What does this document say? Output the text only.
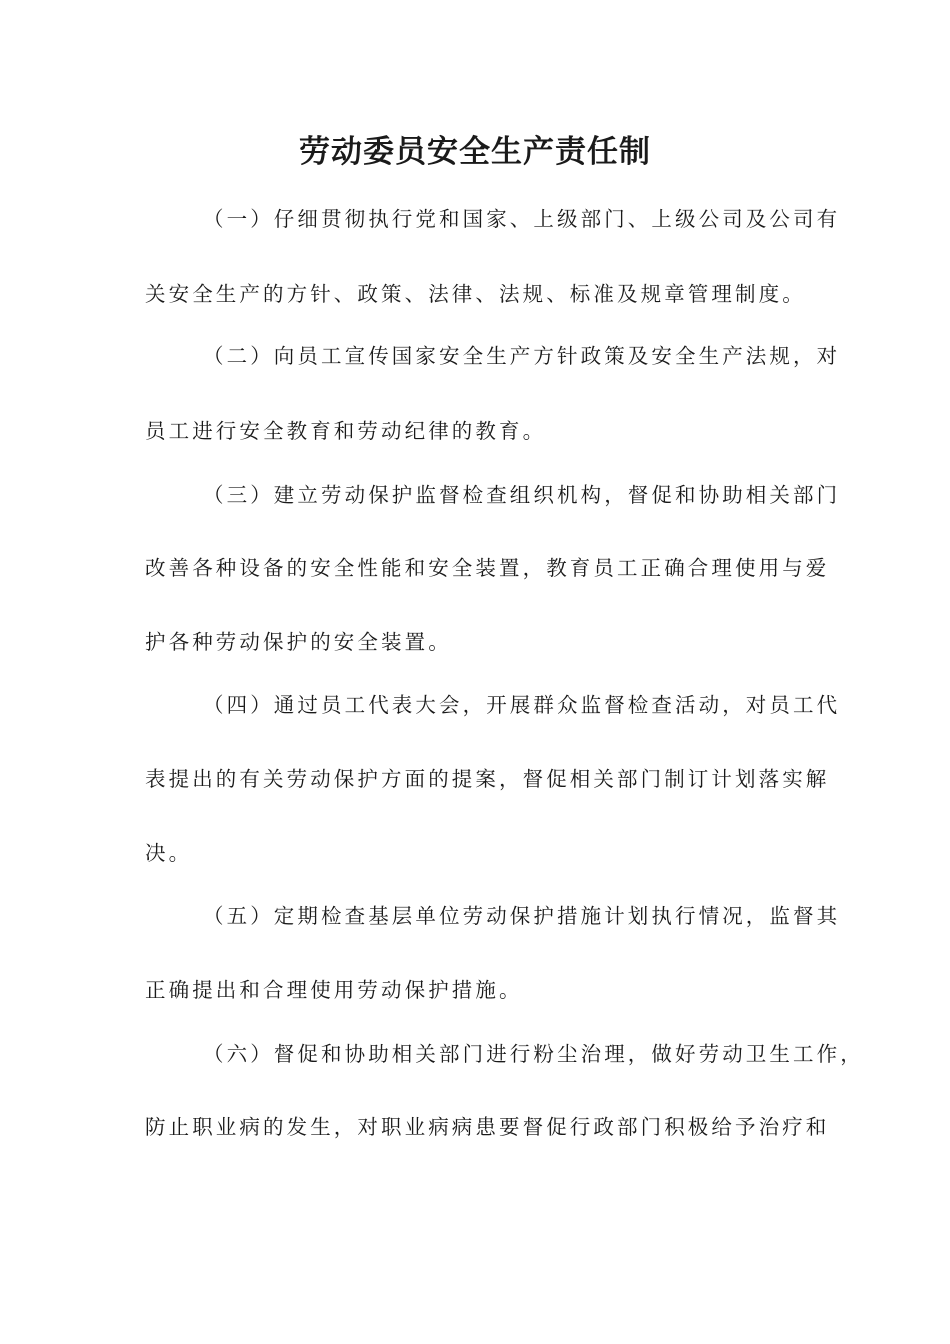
劳动委员安全生产责任制
（一）仔细贯彻执行党和国家、上级部门、上级公司及公司有
关安全生产的方针、政策、法律、法规、标准及规章管理制度。
（二）向员工宣传国家安全生产方针政策及安全生产法规，对
员工进行安全教育和劳动纪律的教育。
（三）建立劳动保护监督检查组织机构，督促和协助相关部门
改善各种设备的安全性能和安全装置，教育员工正确合理使用与爱
护各种劳动保护的安全装置。
（四）通过员工代表大会，开展群众监督检查活动，对员工代
表提出的有关劳动保护方面的提案，督促相关部门制订计划落实解
决。
（五）定期检查基层单位劳动保护措施计划执行情况，监督其
正确提出和合理使用劳动保护措施。
（六）督促和协助相关部门进行粉尘治理，做好劳动卫生工作，
防止职业病的发生，对职业病病患要督促行政部门积极给予治疗和
